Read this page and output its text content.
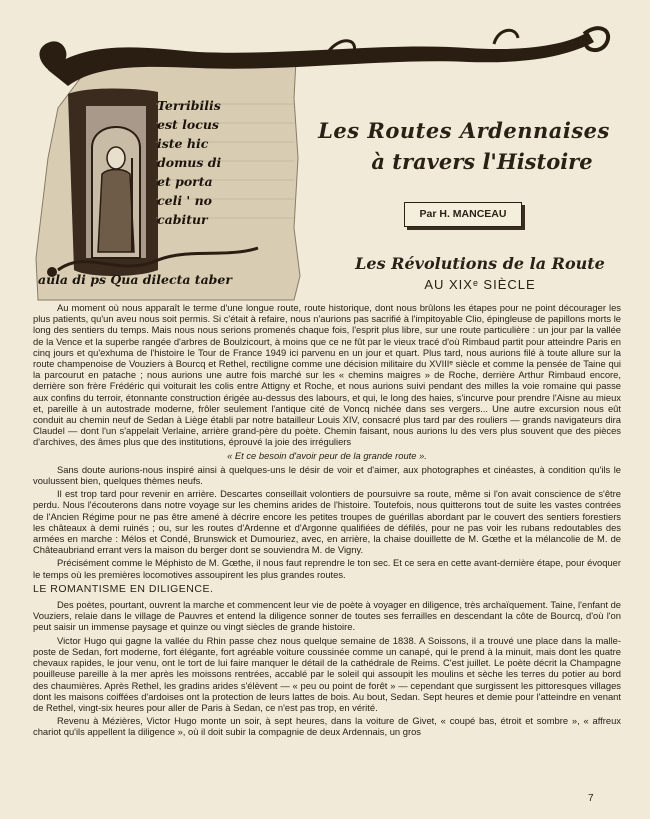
Terribilis
est locus
iste hic
domus di
et porta
celi ' no
cabitur
aula di ps Qua dilecta taber
Les Routes Ardennaises
à travers l'Histoire
Par H. MANCEAU
Les Révolutions de la Route
AU XIXᵉ SIÈCLE

Au moment où nous apparaît le terme d'une longue route, route historique, dont nous brûlons les étapes pour ne point décourager les plus patients, qu'un aveu nous soit permis. Si c'était à refaire, nous n'aurions pas sacrifié à l'impitoyable Clio, épingleuse de papillons morts le long des sentiers du temps. Mais nous nous serions promenés chaque fois, l'esprit plus libre, sur une route particulière : un jour par la vallée de la Vence et la superbe rangée d'arbres de Boulzicourt, à moins que ce ne fût par le vieux tracé d'où Rimbaud partit pour atteindre Paris en cinq jours et qu'exhuma de l'histoire le Tour de France 1949 ici parvenu en un jour et quart. Plus tard, nous aurions filé à toute allure sur la route champenoise de Vouziers à Bourcq et Rethel, rectiligne comme une décision militaire du XVIIIᵉ siècle et comme la pensée de Taine qui la parcourut en patache ; nous aurions une autre fois marché sur les « chemins maigres » de Roche, derrière Arthur Rimbaud encore, derrière son frère Frédéric qui voiturait les colis entre Attigny et Roche, et nous aurions suivi pendant des milles la voie romaine qui passe aux confins du terroir, étonnante construction érigée au-dessus des labours, et qui, le long des haies, s'incurve pour prendre l'Aisne au mieux et, pareille à un autostrade moderne, frôler seulement l'antique cité de Voncq nichée dans ses vergers... Une autre excursion nous eût conduit au chemin neuf de Sedan à Liège établi par notre batailleur Louis XIV, consacré plus tard par des rouliers — grands navigateurs dira Claudel — dont l'un s'appelait Verlaine, arrière grand-père du poète. Chemin faisant, nous aurions lu des vers plus souvent que des pièces d'archives, des âmes plus que des institutions, éprouvé la joie des irréguliers

« Et ce besoin d'avoir peur de la grande route ».

Sans doute aurions-nous inspiré ainsi à quelques-uns le désir de voir et d'aimer, aux photographes et cinéastes, à condition qu'ils le voulussent bien, quelques thèmes neufs.

Il est trop tard pour revenir en arrière. Descartes conseillait volontiers de poursuivre sa route, même si l'on avait conscience de s'être perdu. Nous l'écouterons dans notre voyage sur les chemins arides de l'histoire. Toutefois, nous quitterons tout de suite les vastes contrées de l'Ancien Régime pour ne pas être amené à décrire encore les petites troupes de guérillas abordant par le couvert des sentiers forestiers les châteaux à demi ruinés ; ou, sur les routes d'Ardenne et d'Argonne qualifiées de défilés, pour ne pas voir les rubans redoutables des armées en marche : Mélos et Condé, Brunswick et Dumouriez, avec, en arrière, la chaise douillette de M. Gœthe et la mélancolie de M. de Châteaubriand errant vers la maison du berger dont se souviendra M. de Vigny.

Précisément comme le Méphisto de M. Gœthe, il nous faut reprendre le ton sec. Et ce sera en cette avant-dernière étape, pour évoquer le temps où les premières locomotives assoupirent les plus grandes routes.

LE ROMANTISME EN DILIGENCE.

Des poètes, pourtant, ouvrent la marche et commencent leur vie de poète à voyager en diligence, très archaïquement. Taine, l'enfant de Vouziers, relaie dans le village de Pauvres et entend la diligence sonner de toutes ses ferrailles en descendant la côte de Bourcq, d'où l'on peut saisir un immense paysage et quinze ou vingt siècles de grande histoire.

Victor Hugo qui gagne la vallée du Rhin passe chez nous quelque semaine de 1838. A Soissons, il a trouvé une place dans la malle-poste de Sedan, fort moderne, fort élégante, fort agréable voiture coussinée comme un canapé, qui le prend à la minuit, mais dont les quatre chevaux rapides, le jour venu, ont le tort de lui faire manquer le détail de la cathédrale de Reims. C'est juillet. Le poète décrit la Champagne pouilleuse pareille à la mer après les moissons rentrées, accablé par le soleil qui assoupit les moulins et sèche les terres du potier au bord des chaumières. Après Rethel, les gradins arides s'élèvent — « peu ou point de forêt » — cependant que surgissent les pittoresques villages dont les maisons coiffées d'ardoises ont la protection de leurs lattes de bois. Au bout, Sedan. Sept heures et demie pour l'atteindre en venant de Rethel, vingt-six heures pour aller de Paris à Sedan, ce n'est pas trop, en vérité.

Revenu à Mézières, Victor Hugo monte un soir, à sept heures, dans la voiture de Givet, « coupé bas, étroit et sombre », « affreux chariot qu'ils appellent la diligence », où il doit subir la compagnie de deux Ardennais, un gros

7
